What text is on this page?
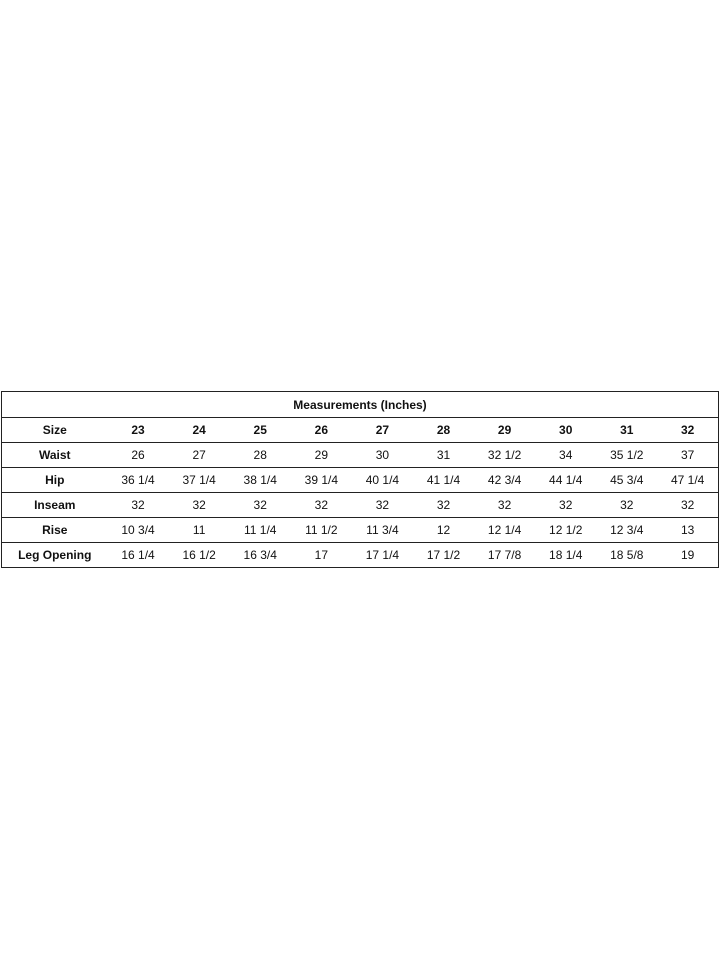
Measurements (Inches)										
Size	23	24	25	26	27	28	29	30	31	32
Waist	26	27	28	29	30	31	32 1/2	34	35 1/2	37
Hip	36 1/4	37 1/4	38 1/4	39 1/4	40 1/4	41 1/4	42 3/4	44 1/4	45 3/4	47 1/4
Inseam	32	32	32	32	32	32	32	32	32	32
Rise	10 3/4	11	11 1/4	11 1/2	11 3/4	12	12 1/4	12 1/2	12 3/4	13
Leg Opening	16 1/4	16 1/2	16 3/4	17	17 1/4	17 1/2	17 7/8	18 1/4	18 5/8	19
